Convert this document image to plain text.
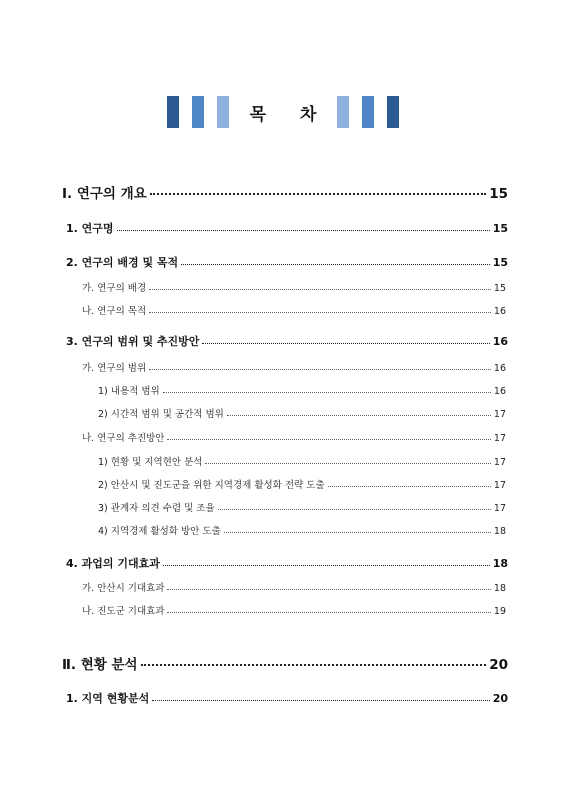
목 차
Ⅰ. 연구의 개요	15
1. 연구명	15
2. 연구의 배경 및 목적	15
가. 연구의 배경	15
나. 연구의 목적	16
3. 연구의 범위 및 추진방안	16
가. 연구의 범위	16
1) 내용적 범위	16
2) 시간적 범위 및 공간적 범위	17
나. 연구의 추진방안	17
1) 현황 및 지역현안 분석	17
2) 안산시 및 진도군을 위한 지역경제 활성화 전략 도출	17
3) 관계자 의견 수렴 및 조율	17
4) 지역경제 활성화 방안 도출	18
4. 과업의 기대효과	18
가. 안산시 기대효과	18
나. 진도군 기대효과	19
Ⅱ. 현황 분석	20
1. 지역 현황분석	20
